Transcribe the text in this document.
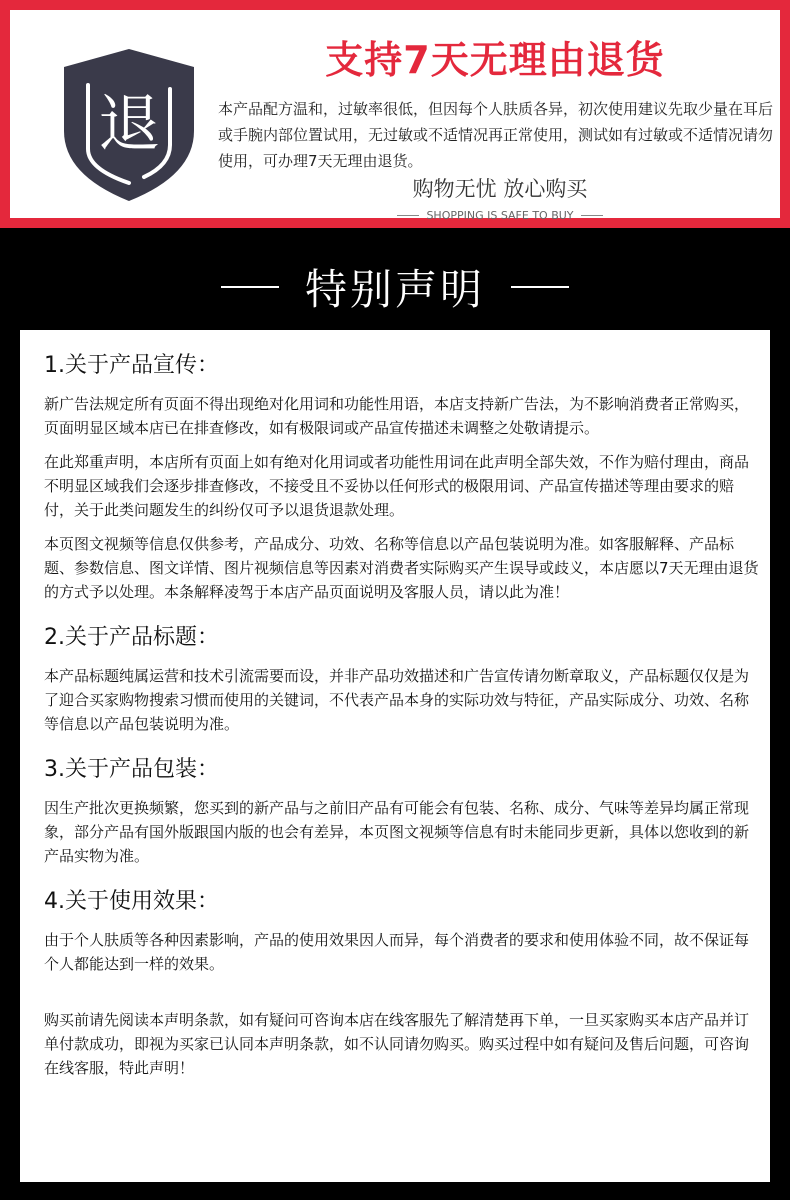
退
支持7天无理由退货
本产品配方温和，过敏率很低，但因每个人肤质各异，初次使用建议先取少量在耳后或手腕内部位置试用，无过敏或不适情况再正常使用，测试如有过敏或不适情况请勿使用，可办理7天无理由退货。
购物无忧 放心购买
SHOPPING IS SAFE TO BUY
特别声明
1.关于产品宣传：
新广告法规定所有页面不得出现绝对化用词和功能性用语，本店支持新广告法，为不影响消费者正常购买，页面明显区域本店已在排查修改，如有极限词或产品宣传描述未调整之处敬请提示。
在此郑重声明，本店所有页面上如有绝对化用词或者功能性用词在此声明全部失效，不作为赔付理由，商品不明显区域我们会逐步排查修改，不接受且不妥协以任何形式的极限用词、产品宣传描述等理由要求的赔付，关于此类问题发生的纠纷仅可予以退货退款处理。
本页图文视频等信息仅供参考，产品成分、功效、名称等信息以产品包装说明为准。如客服解释、产品标题、参数信息、图文详情、图片视频信息等因素对消费者实际购买产生误导或歧义，本店愿以7天无理由退货的方式予以处理。本条解释凌驾于本店产品页面说明及客服人员，请以此为准！
2.关于产品标题：
本产品标题纯属运营和技术引流需要而设，并非产品功效描述和广告宣传请勿断章取义，产品标题仅仅是为了迎合买家购物搜索习惯而使用的关键词，不代表产品本身的实际功效与特征，产品实际成分、功效、名称等信息以产品包装说明为准。
3.关于产品包装：
因生产批次更换频繁，您买到的新产品与之前旧产品有可能会有包装、名称、成分、气味等差异均属正常现象，部分产品有国外版跟国内版的也会有差异，本页图文视频等信息有时未能同步更新，具体以您收到的新产品实物为准。
4.关于使用效果：
由于个人肤质等各种因素影响，产品的使用效果因人而异，每个消费者的要求和使用体验不同，故不保证每个人都能达到一样的效果。
购买前请先阅读本声明条款，如有疑问可咨询本店在线客服先了解清楚再下单，一旦买家购买本店产品并订单付款成功，即视为买家已认同本声明条款，如不认同请勿购买。购买过程中如有疑问及售后问题，可咨询在线客服，特此声明！
